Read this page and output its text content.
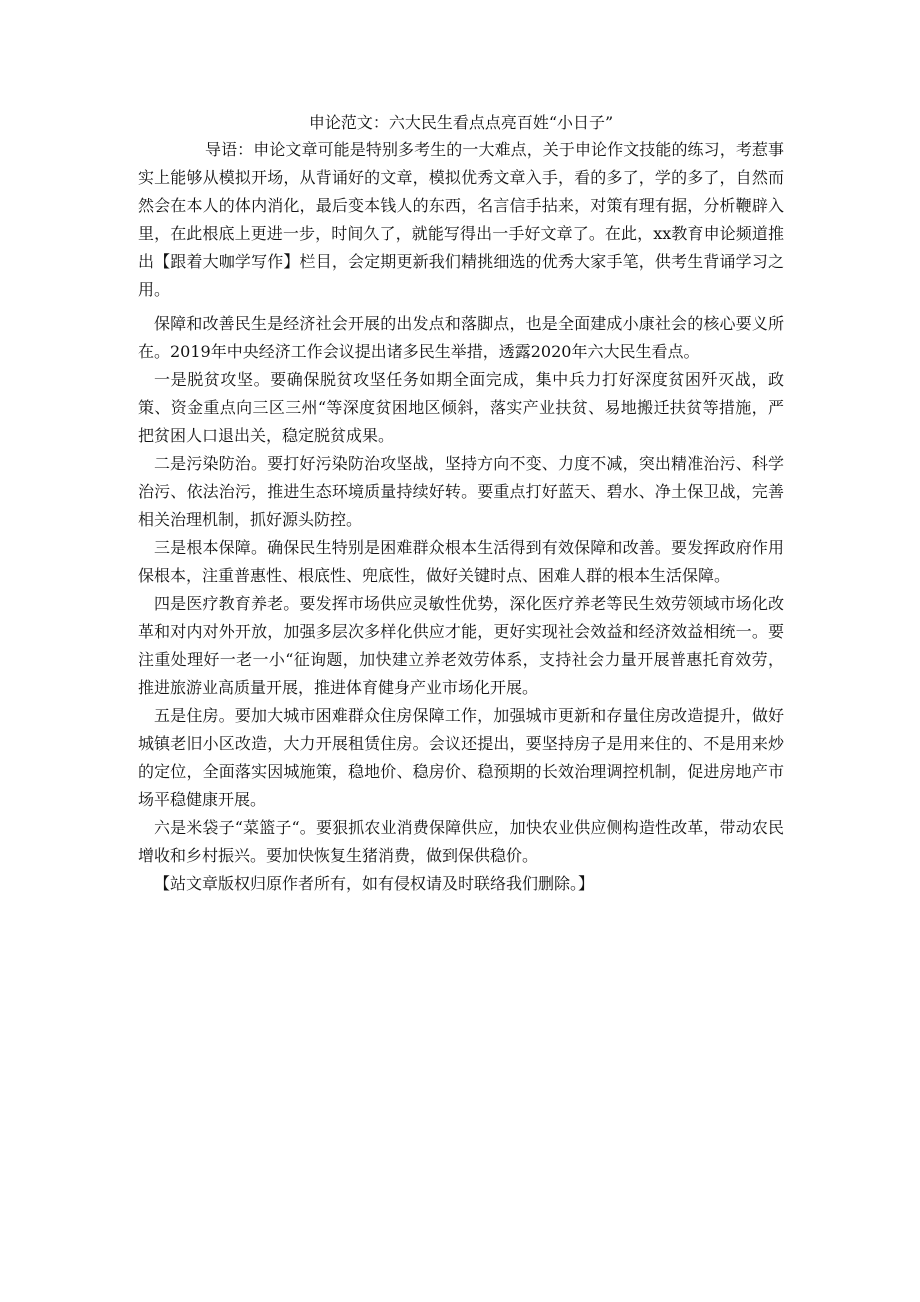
申论范文：六大民生看点点亮百姓“小日子”

导语：申论文章可能是特别多考生的一大难点，关于申论作文技能的练习，考惹事实上能够从模拟开场，从背诵好的文章，模拟优秀文章入手，看的多了，学的多了，自然而然会在本人的体内消化，最后变本钱人的东西，名言信手拈来，对策有理有据，分析鞭辟入里，在此根底上更进一步，时间久了，就能写得出一手好文章了。在此，xx教育申论频道推出【跟着大咖学写作】栏目，会定期更新我们精挑细选的优秀大家手笔，供考生背诵学习之用。

保障和改善民生是经济社会开展的出发点和落脚点，也是全面建成小康社会的核心要义所在。2019年中央经济工作会议提出诸多民生举措，透露2020年六大民生看点。

一是脱贫攻坚。要确保脱贫攻坚任务如期全面完成，集中兵力打好深度贫困歼灭战，政策、资金重点向三区三州“等深度贫困地区倾斜，落实产业扶贫、易地搬迁扶贫等措施，严把贫困人口退出关，稳定脱贫成果。

二是污染防治。要打好污染防治攻坚战，坚持方向不变、力度不减，突出精准治污、科学治污、依法治污，推进生态环境质量持续好转。要重点打好蓝天、碧水、净土保卫战，完善相关治理机制，抓好源头防控。

三是根本保障。确保民生特别是困难群众根本生活得到有效保障和改善。要发挥政府作用保根本，注重普惠性、根底性、兜底性，做好关键时点、困难人群的根本生活保障。

四是医疗教育养老。要发挥市场供应灵敏性优势，深化医疗养老等民生效劳领域市场化改革和对内对外开放，加强多层次多样化供应才能，更好实现社会效益和经济效益相统一。要注重处理好一老一小“征询题，加快建立养老效劳体系，支持社会力量开展普惠托育效劳，推进旅游业高质量开展，推进体育健身产业市场化开展。

五是住房。要加大城市困难群众住房保障工作，加强城市更新和存量住房改造提升，做好城镇老旧小区改造，大力开展租赁住房。会议还提出，要坚持房子是用来住的、不是用来炒的定位，全面落实因城施策，稳地价、稳房价、稳预期的长效治理调控机制，促进房地产市场平稳健康开展。

六是米袋子“菜篮子“。要狠抓农业消费保障供应，加快农业供应侧构造性改革，带动农民增收和乡村振兴。要加快恢复生猪消费，做到保供稳价。

【站文章版权归原作者所有，如有侵权请及时联络我们删除。】
